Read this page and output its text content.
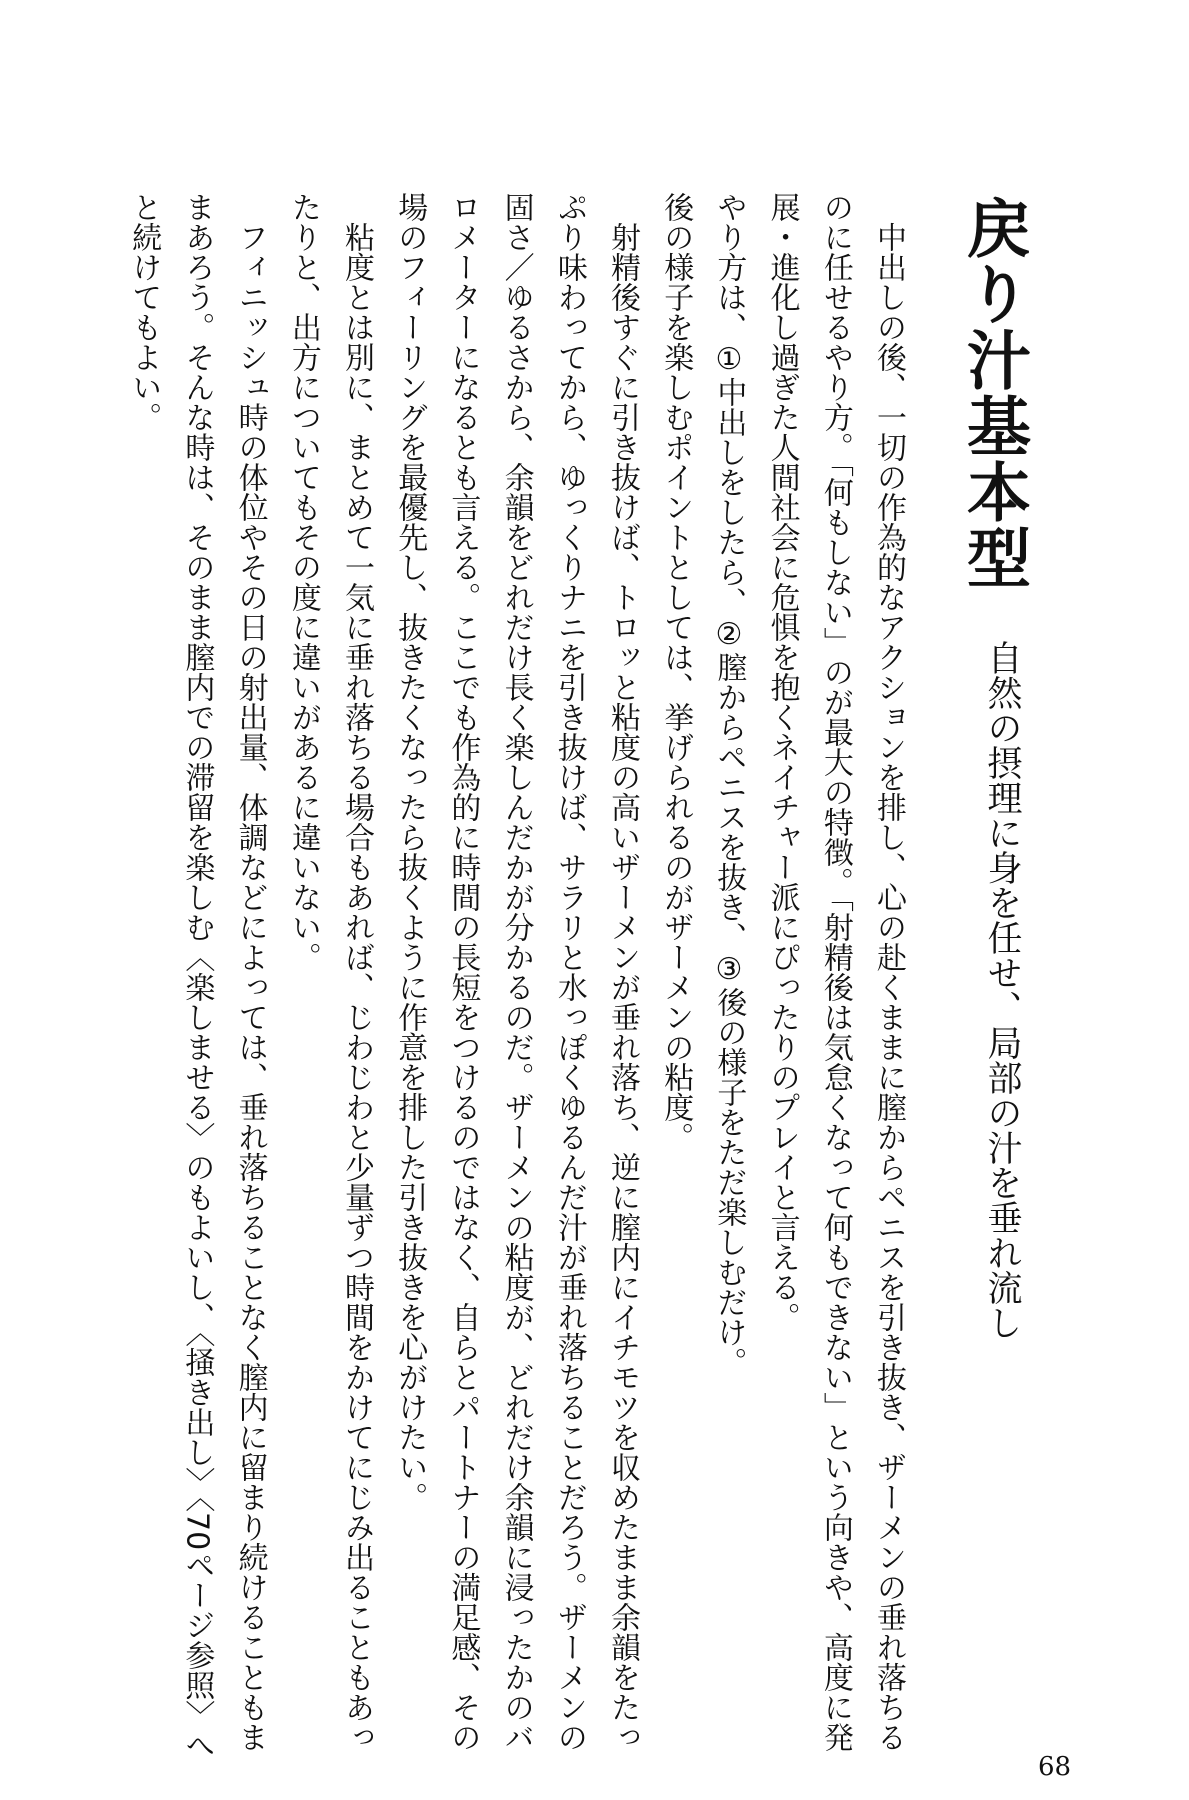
戻り汁基本型
自然の摂理に身を任せ、局部の汁を垂れ流し
中出しの後、一切の作為的なアクションを排し、心の赴くままに膣からペニスを引き抜き、ザーメンの垂れ落ちる
のに任せるやり方。「何もしない」のが最大の特徴。「射精後は気怠くなって何もできない」という向きや、高度に発
展・進化し過ぎた人間社会に危惧を抱くネイチャー派にぴったりのプレイと言える。
やり方は、①中出しをしたら、②膣からペニスを抜き、③後の様子をただ楽しむだけ。
後の様子を楽しむポイントとしては、挙げられるのがザーメンの粘度。
射精後すぐに引き抜けば、トロッと粘度の高いザーメンが垂れ落ち、逆に膣内にイチモツを収めたまま余韻をたっ
ぷり味わってから、ゆっくりナニを引き抜けば、サラリと水っぽくゆるんだ汁が垂れ落ちることだろう。ザーメンの
固さ／ゆるさから、余韻をどれだけ長く楽しんだかが分かるのだ。ザーメンの粘度が、どれだけ余韻に浸ったかのバ
ロメーターになるとも言える。ここでも作為的に時間の長短をつけるのではなく、自らとパートナーの満足感、その
場のフィーリングを最優先し、抜きたくなったら抜くように作意を排した引き抜きを心がけたい。
粘度とは別に、まとめて一気に垂れ落ちる場合もあれば、じわじわと少量ずつ時間をかけてにじみ出ることもあっ
たりと、出方についてもその度に違いがあるに違いない。
フィニッシュ時の体位やその日の射出量、体調などによっては、垂れ落ちることなく膣内に留まり続けることもま
まあろう。そんな時は、そのまま膣内での滞留を楽しむ〈楽しませる〉のもよいし、〈掻き出し〉〈70ページ参照〉へ
と続けてもよい。
68
